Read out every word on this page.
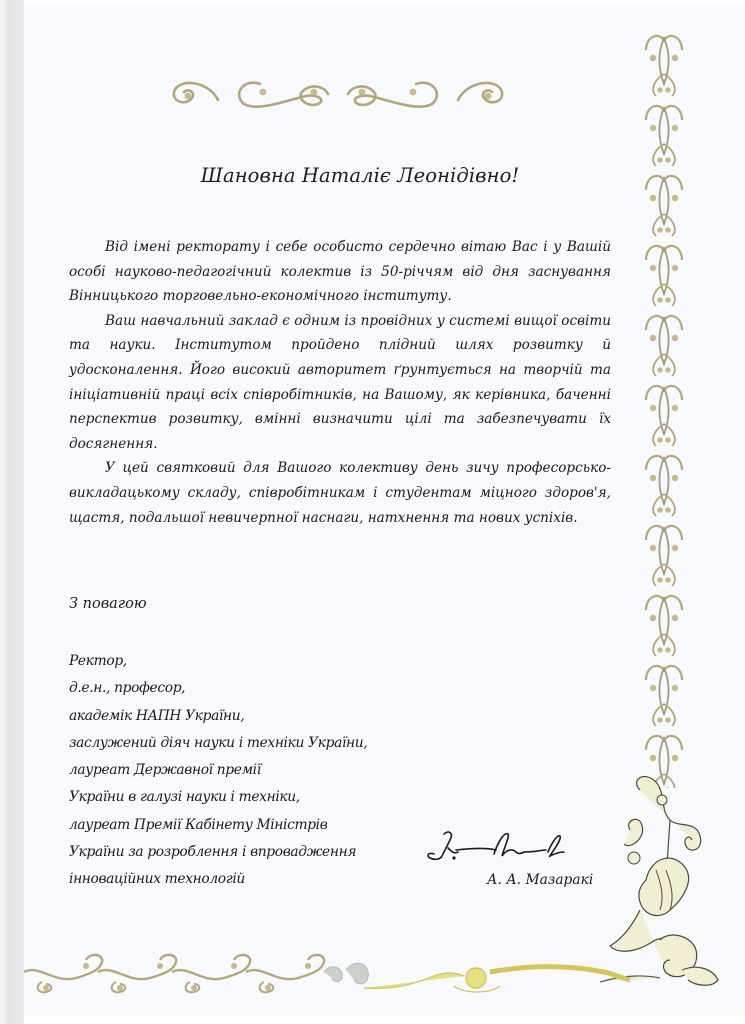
Шановна Наталіє Леонідівно!

Від імені ректорату і себе особисто сердечно вітаю Вас і у Вашій особі науково-педагогічний колектив із 50-річчям від дня заснування Вінницького торговельно-економічного інституту.

Ваш навчальний заклад є одним із провідних у системі вищої освіти та науки. Інститутом пройдено плідний шлях розвитку й удосконалення. Його високий авторитет ґрунтується на творчій та ініціативній праці всіх співробітників, на Вашому, як керівника, баченні перспектив розвитку, вмінні визначити цілі та забезпечувати їх досягнення.

У цей святковий для Вашого колективу день зичу професорсько-викладацькому складу, співробітникам і студентам міцного здоров'я, щастя, подальшої невичерпної наснаги, натхнення та нових успіхів.

З повагою
Ректор,
д.е.н., професор,
академік НАПН України,
заслужений діяч науки і техніки України,
лауреат Державної премії
України в галузі науки і техніки,
лауреат Премії Кабінету Міністрів
України за розроблення і впровадження
інноваційних технологій	А. А. Мазаракі
